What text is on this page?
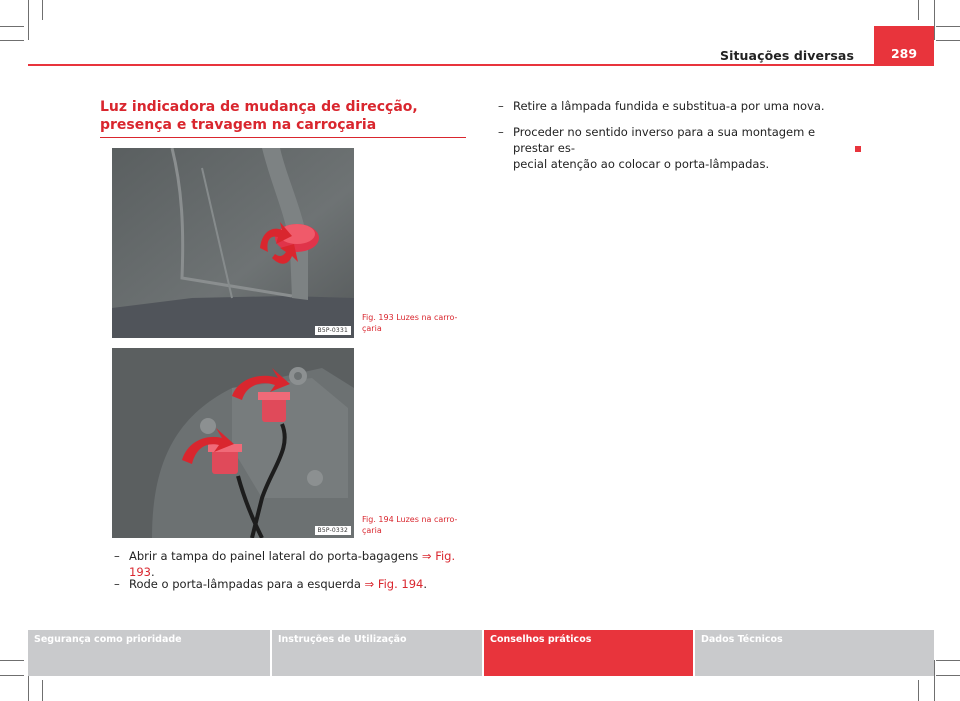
Situações diversas	289
Luz indicadora de mudança de direcção, presença e travagem na carroçaria
B5P-0331
Fig. 193 Luzes na carro-
çaria
B5P-0332
Fig. 194 Luzes na carro-
çaria
– Abrir a tampa do painel lateral do porta-bagagens ⇒ Fig. 193.
– Rode o porta-lâmpadas para a esquerda ⇒ Fig. 194.
– Retire a lâmpada fundida e substitua-a por uma nova.
– Proceder no sentido inverso para a sua montagem e prestar es-
pecial atenção ao colocar o porta-lâmpadas.
Segurança como prioridade	Instruções de Utilização	Conselhos práticos	Dados Técnicos
